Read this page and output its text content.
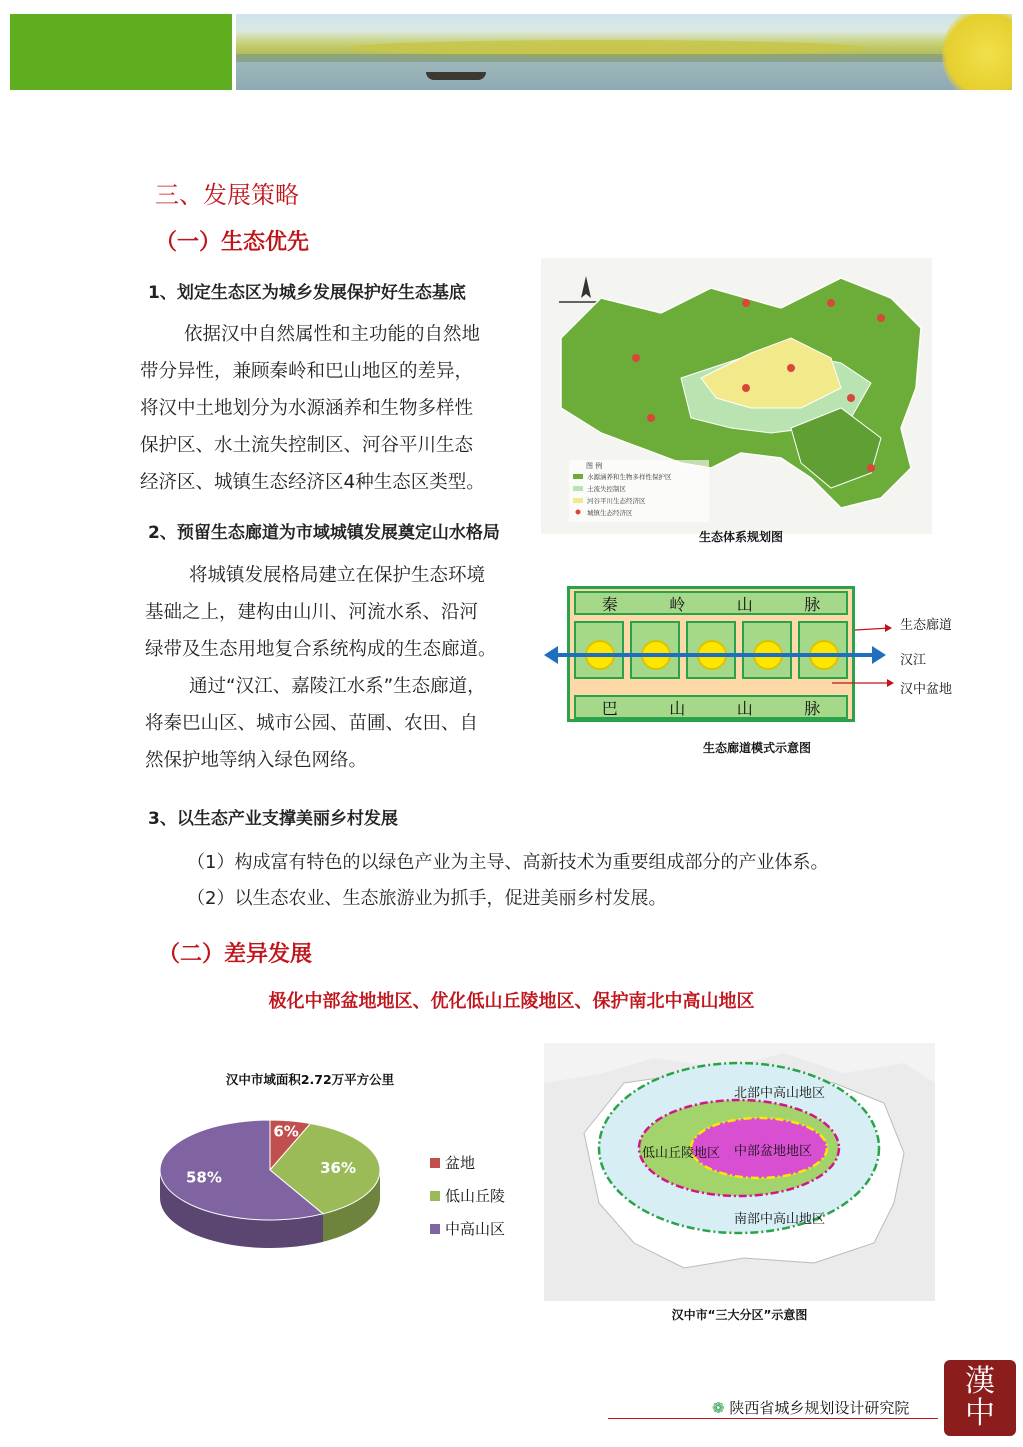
三、发展策略
（一）生态优先
1、划定生态区为城乡发展保护好生态基底
依据汉中自然属性和主功能的自然地
带分异性，兼顾秦岭和巴山地区的差异，
将汉中土地划分为水源涵养和生物多样性
保护区、水土流失控制区、河谷平川生态
经济区、城镇生态经济区4种生态区类型。
图 例
水源涵养和生物多样性保护区
土流失控制区
河谷平川生态经济区
城镇生态经济区
生态体系规划图
2、预留生态廊道为市域城镇发展奠定山水格局
将城镇发展格局建立在保护生态环境
基础之上，建构由山川、河流水系、沿河
绿带及生态用地复合系统构成的生态廊道。
通过“汉江、嘉陵江水系”生态廊道，
将秦巴山区、城市公园、苗圃、农田、自
然保护地等纳入绿色网络。
秦	岭	山	脉
巴	山	山	脉
生态廊道
汉江
汉中盆地
生态廊道模式示意图
3、以生态产业支撑美丽乡村发展
（1）构成富有特色的以绿色产业为主导、高新技术为重要组成部分的产业体系。
（2）以生态农业、生态旅游业为抓手，促进美丽乡村发展。
（二）差异发展
极化中部盆地地区、优化低山丘陵地区、保护南北中高山地区
汉中市域面积2.72万平方公里
6%
36%
58%
盆地
低山丘陵
中高山区
北部中高山地区
低山丘陵地区 中部盆地地区
南部中高山地区
汉中市“三大分区”示意图
❁ 陕西省城乡规划设计研究院
漢
中
